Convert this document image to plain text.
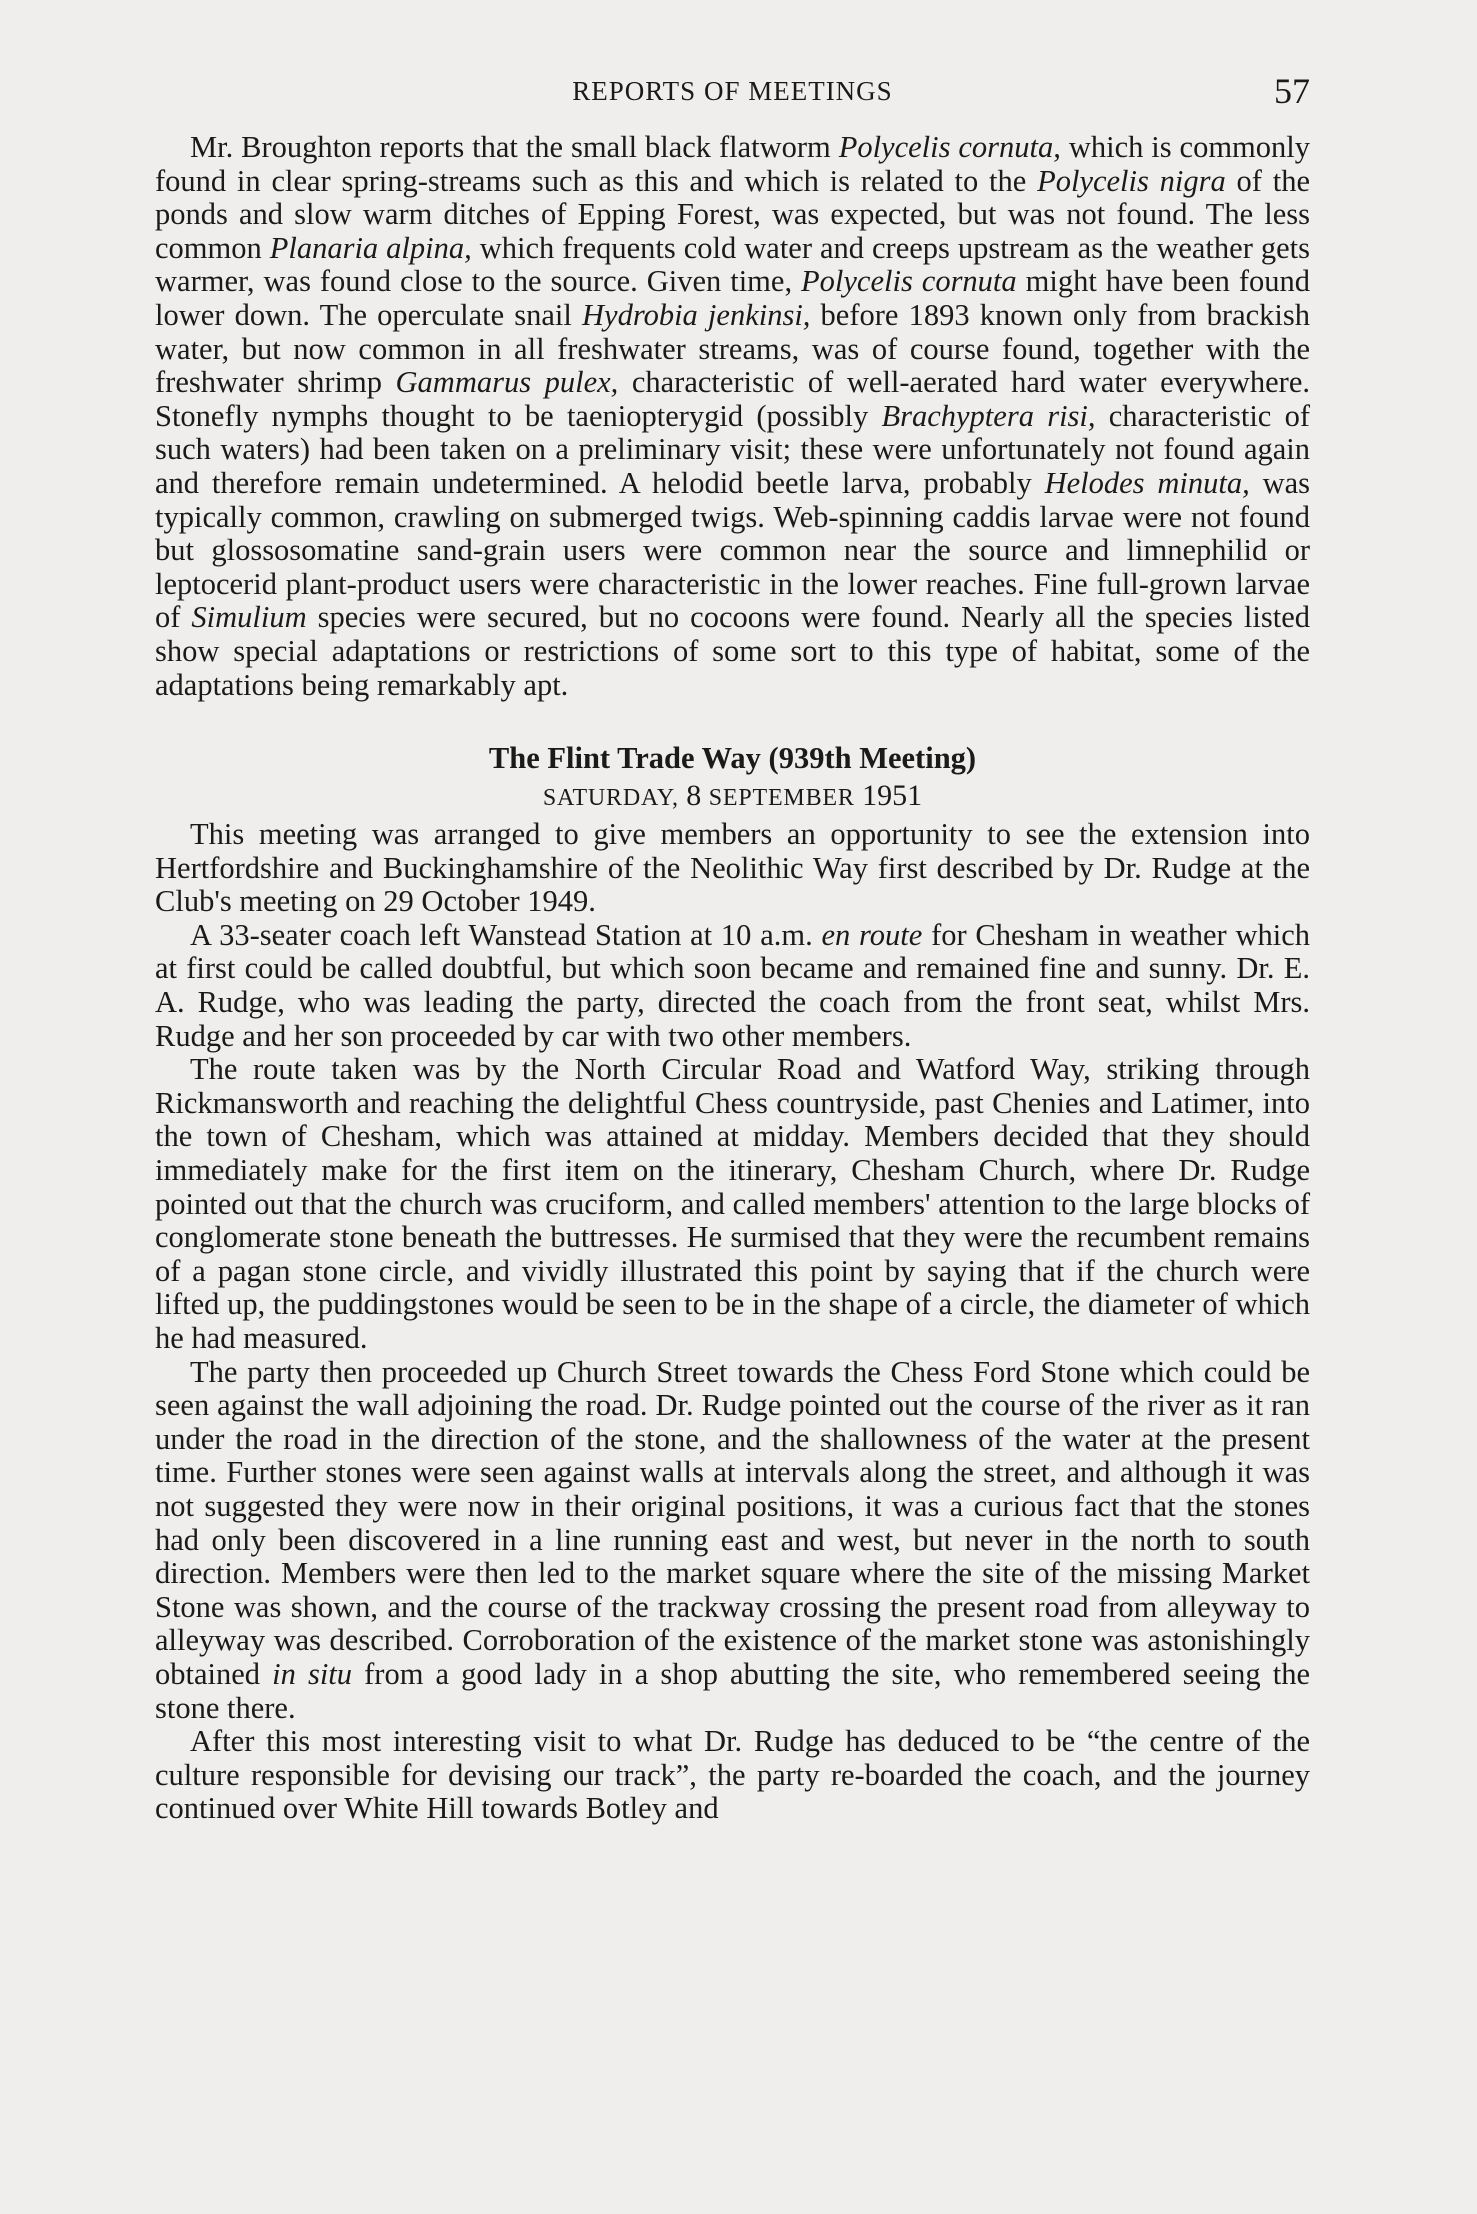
REPORTS OF MEETINGS	57

Mr. Broughton reports that the small black flatworm Polycelis cornuta, which is commonly found in clear spring-streams such as this and which is related to the Polycelis nigra of the ponds and slow warm ditches of Epping Forest, was expected, but was not found. The less common Planaria alpina, which frequents cold water and creeps upstream as the weather gets warmer, was found close to the source. Given time, Polycelis cornuta might have been found lower down. The operculate snail Hydrobia jenkinsi, before 1893 known only from brackish water, but now common in all freshwater streams, was of course found, together with the freshwater shrimp Gammarus pulex, characteristic of well-aerated hard water everywhere. Stonefly nymphs thought to be taeniopterygid (possibly Brachyptera risi, characteristic of such waters) had been taken on a preliminary visit; these were unfortunately not found again and therefore remain undetermined. A helodid beetle larva, probably Helodes minuta, was typically common, crawling on submerged twigs. Web-spinning caddis larvae were not found but glossosomatine sand-grain users were common near the source and limnephilid or leptocerid plant-product users were characteristic in the lower reaches. Fine full-grown larvae of Simulium species were secured, but no cocoons were found. Nearly all the species listed show special adaptations or restrictions of some sort to this type of habitat, some of the adaptations being remarkably apt.

The Flint Trade Way (939th Meeting)
SATURDAY, 8 SEPTEMBER 1951

This meeting was arranged to give members an opportunity to see the extension into Hertfordshire and Buckinghamshire of the Neolithic Way first described by Dr. Rudge at the Club's meeting on 29 October 1949.

A 33-seater coach left Wanstead Station at 10 a.m. en route for Chesham in weather which at first could be called doubtful, but which soon became and remained fine and sunny. Dr. E. A. Rudge, who was leading the party, directed the coach from the front seat, whilst Mrs. Rudge and her son proceeded by car with two other members.

The route taken was by the North Circular Road and Watford Way, striking through Rickmansworth and reaching the delightful Chess countryside, past Chenies and Latimer, into the town of Chesham, which was attained at midday. Members decided that they should immediately make for the first item on the itinerary, Chesham Church, where Dr. Rudge pointed out that the church was cruciform, and called members' attention to the large blocks of conglomerate stone beneath the buttresses. He surmised that they were the recumbent remains of a pagan stone circle, and vividly illustrated this point by saying that if the church were lifted up, the puddingstones would be seen to be in the shape of a circle, the diameter of which he had measured.

The party then proceeded up Church Street towards the Chess Ford Stone which could be seen against the wall adjoining the road. Dr. Rudge pointed out the course of the river as it ran under the road in the direction of the stone, and the shallowness of the water at the present time. Further stones were seen against walls at intervals along the street, and although it was not suggested they were now in their original positions, it was a curious fact that the stones had only been discovered in a line running east and west, but never in the north to south direction. Members were then led to the market square where the site of the missing Market Stone was shown, and the course of the trackway crossing the present road from alleyway to alleyway was described. Corroboration of the existence of the market stone was astonishingly obtained in situ from a good lady in a shop abutting the site, who remembered seeing the stone there.

After this most interesting visit to what Dr. Rudge has deduced to be “the centre of the culture responsible for devising our track”, the party re-boarded the coach, and the journey continued over White Hill towards Botley and
